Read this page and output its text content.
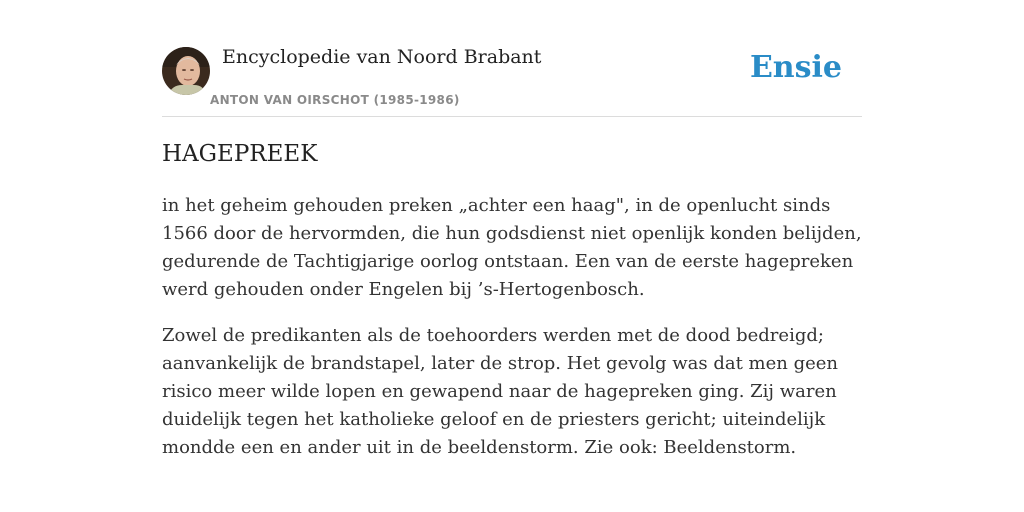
Encyclopedie van Noord Brabant
ANTON VAN OIRSCHOT (1985-1986)
Ensie
HAGEPREEK

in het geheim gehouden preken „achter een haag", in de openlucht sinds 1566 door de hervormden, die hun godsdienst niet openlijk konden belijden, gedurende de Tachtigjarige oorlog ontstaan. Een van de eerste hagepreken werd gehouden onder Engelen bij ’s-Hertogenbosch.

Zowel de predikanten als de toehoorders werden met de dood bedreigd; aanvankelijk de brandstapel, later de strop. Het gevolg was dat men geen risico meer wilde lopen en gewapend naar de hagepreken ging. Zij waren duidelijk tegen het katholieke geloof en de priesters gericht; uiteindelijk mondde een en ander uit in de beeldenstorm. Zie ook: Beeldenstorm.
